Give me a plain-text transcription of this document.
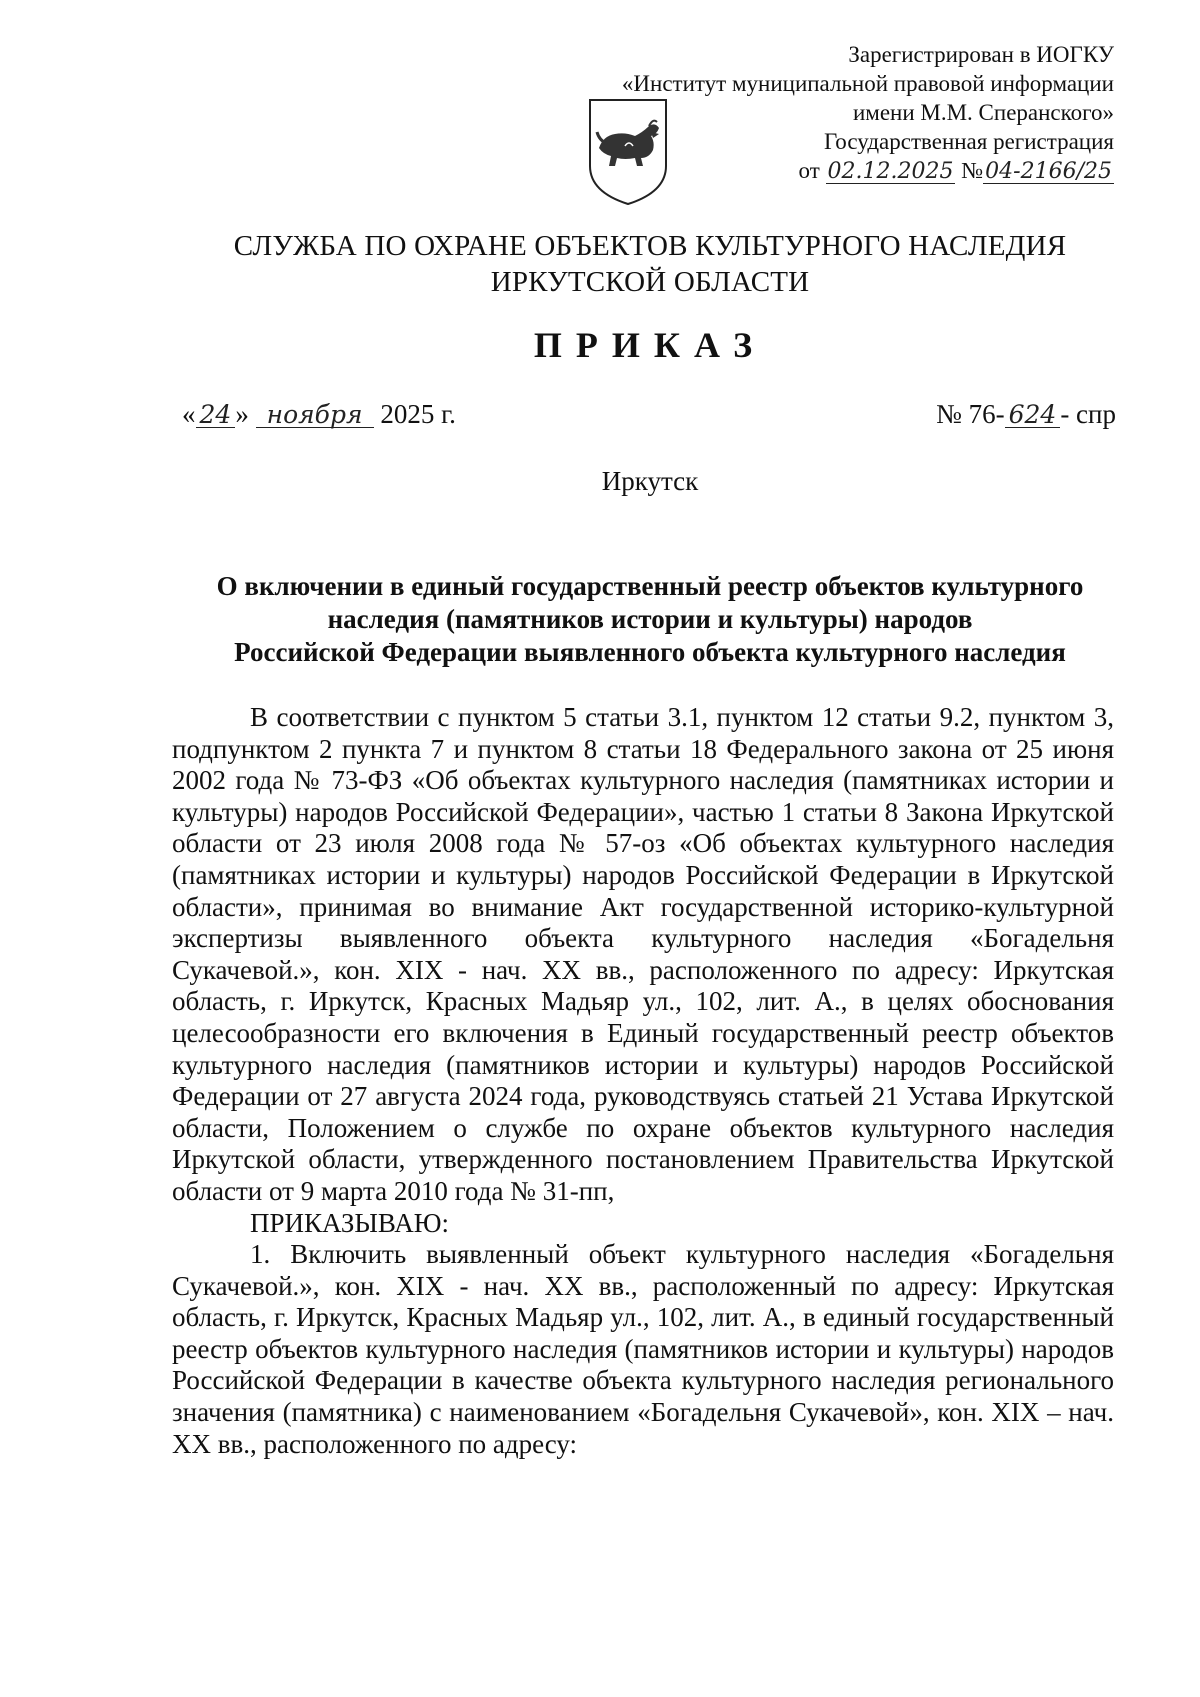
Зарегистрирован в ИОГКУ
«Институт муниципальной правовой информации
имени М.М. Сперанского»
Государственная регистрация
от 02.12.2025 №04-2166/25
СЛУЖБА ПО ОХРАНЕ ОБЪЕКТОВ КУЛЬТУРНОГО НАСЛЕДИЯ
ИРКУТСКОЙ ОБЛАСТИ
ПРИКАЗ
« 24 » ноября 2025 г.	№ 76- 624 - спр
Иркутск
О включении в единый государственный реестр объектов культурного
наследия (памятников истории и культуры) народов
Российской Федерации выявленного объекта культурного наследия

В соответствии с пунктом 5 статьи 3.1, пунктом 12 статьи 9.2, пунктом 3, подпунктом 2 пункта 7 и пунктом 8 статьи 18 Федерального закона от 25 июня 2002 года № 73-ФЗ «Об объектах культурного наследия (памятниках истории и культуры) народов Российской Федерации», частью 1 статьи 8 Закона Иркутской области от 23 июля 2008 года № 57-оз «Об объектах культурного наследия (памятниках истории и культуры) народов Российской Федерации в Иркутской области», принимая во внимание Акт государственной историко-культурной экспертизы выявленного объекта культурного наследия «Богадельня Сукачевой.», кон. XIX - нач. XX вв., расположенного по адресу: Иркутская область, г. Иркутск, Красных Мадьяр ул., 102, лит. А., в целях обоснования целесообразности его включения в Единый государственный реестр объектов культурного наследия (памятников истории и культуры) народов Российской Федерации от 27 августа 2024 года, руководствуясь статьей 21 Устава Иркутской области, Положением о службе по охране объектов культурного наследия Иркутской области, утвержденного постановлением Правительства Иркутской области от 9 марта 2010 года № 31-пп,

ПРИКАЗЫВАЮ:

1. Включить выявленный объект культурного наследия «Богадельня Сукачевой.», кон. XIX - нач. XX вв., расположенный по адресу: Иркутская область, г. Иркутск, Красных Мадьяр ул., 102, лит. А., в единый государственный реестр объектов культурного наследия (памятников истории и культуры) народов Российской Федерации в качестве объекта культурного наследия регионального значения (памятника) с наименованием «Богадельня Сукачевой», кон. XIX – нач. XX вв., расположенного по адресу:
